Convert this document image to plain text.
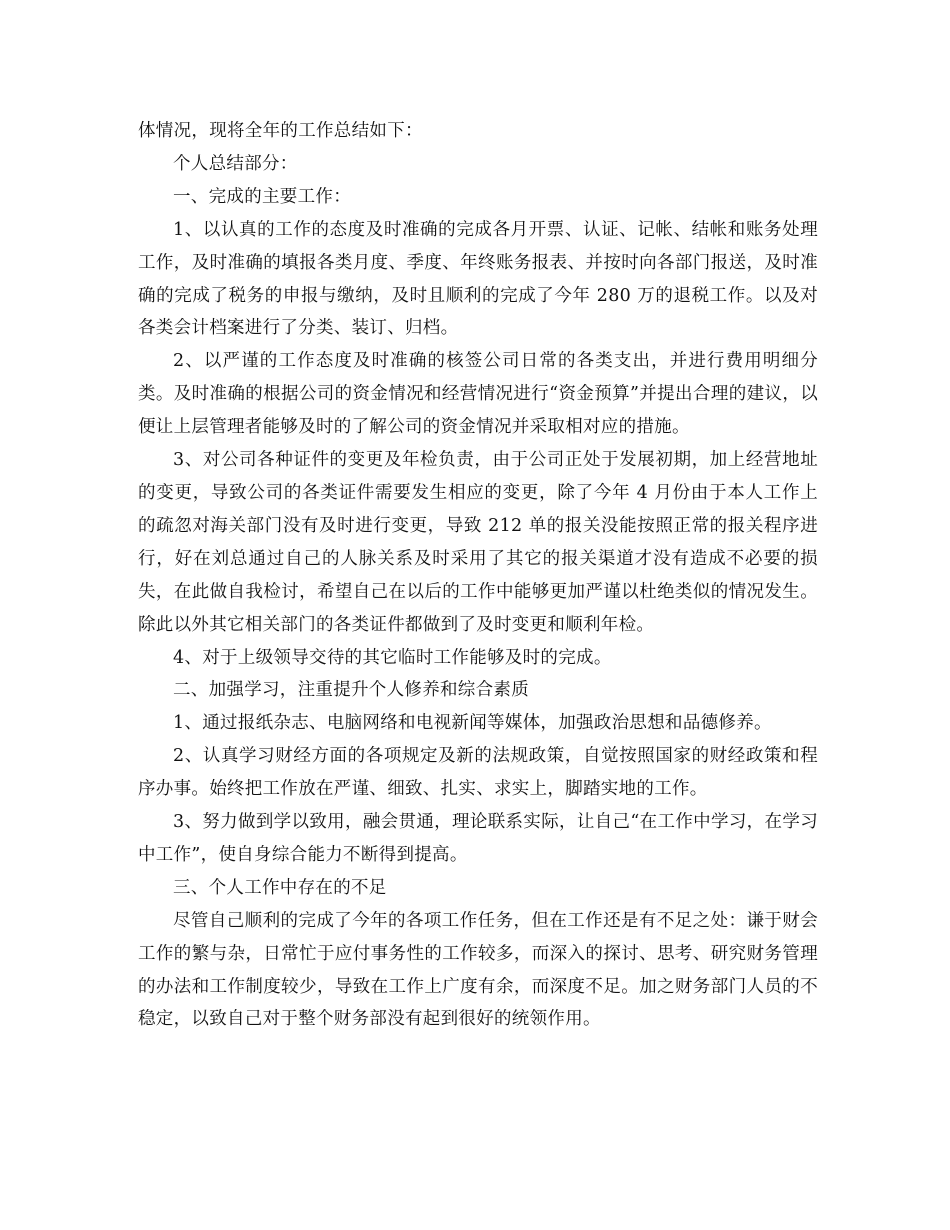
体情况，现将全年的工作总结如下：

个人总结部分：

一、完成的主要工作：

1、以认真的工作的态度及时准确的完成各月开票、认证、记帐、结帐和账务处理工作，及时准确的填报各类月度、季度、年终账务报表、并按时向各部门报送，及时准确的完成了税务的申报与缴纳，及时且顺利的完成了今年 280 万的退税工作。以及对各类会计档案进行了分类、装订、归档。

2、以严谨的工作态度及时准确的核签公司日常的各类支出，并进行费用明细分类。及时准确的根据公司的资金情况和经营情况进行“资金预算”并提出合理的建议，以便让上层管理者能够及时的了解公司的资金情况并采取相对应的措施。

3、对公司各种证件的变更及年检负责，由于公司正处于发展初期，加上经营地址的变更，导致公司的各类证件需要发生相应的变更，除了今年 4 月份由于本人工作上的疏忽对海关部门没有及时进行变更，导致 212 单的报关没能按照正常的报关程序进行，好在刘总通过自己的人脉关系及时采用了其它的报关渠道才没有造成不必要的损失，在此做自我检讨，希望自己在以后的工作中能够更加严谨以杜绝类似的情况发生。除此以外其它相关部门的各类证件都做到了及时变更和顺利年检。

4、对于上级领导交待的其它临时工作能够及时的完成。

二、加强学习，注重提升个人修养和综合素质

1、通过报纸杂志、电脑网络和电视新闻等媒体，加强政治思想和品德修养。

2、认真学习财经方面的各项规定及新的法规政策，自觉按照国家的财经政策和程序办事。始终把工作放在严谨、细致、扎实、求实上，脚踏实地的工作。

3、努力做到学以致用，融会贯通，理论联系实际，让自己“在工作中学习，在学习中工作”，使自身综合能力不断得到提高。

三、个人工作中存在的不足

尽管自己顺利的完成了今年的各项工作任务，但在工作还是有不足之处：谦于财会工作的繁与杂，日常忙于应付事务性的工作较多，而深入的探讨、思考、研究财务管理的办法和工作制度较少，导致在工作上广度有余，而深度不足。加之财务部门人员的不稳定，以致自己对于整个财务部没有起到很好的统领作用。
